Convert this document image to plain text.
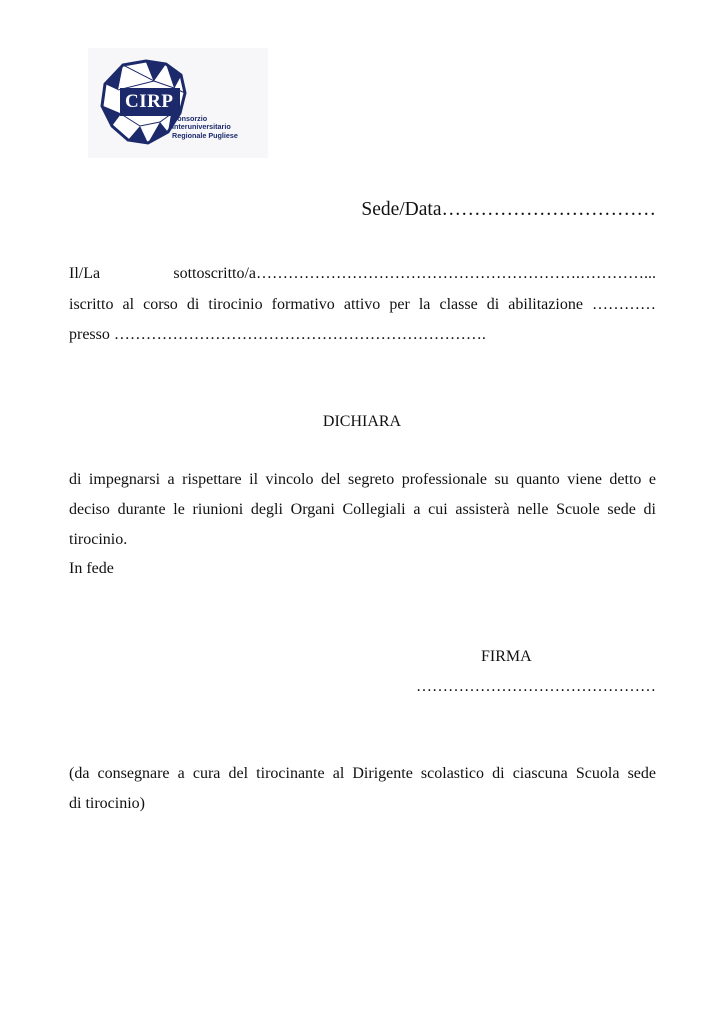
CIRP
Consorzio
Interuniversitario
Regionale Pugliese
Sede/Data……………………………
Il/La sottoscritto/a…………………………………………………….…………...
iscritto al corso di tirocinio formativo attivo per la classe di abilitazione …………
presso …………………………………………………………….
DICHIARA
di impegnarsi a rispettare il vincolo del segreto professionale su quanto viene detto e
deciso durante le riunioni degli Organi Collegiali a cui assisterà nelle Scuole sede di
tirocinio.
In fede
FIRMA
………………………………………
(da consegnare a cura del tirocinante al Dirigente scolastico di ciascuna Scuola sede
di tirocinio)
